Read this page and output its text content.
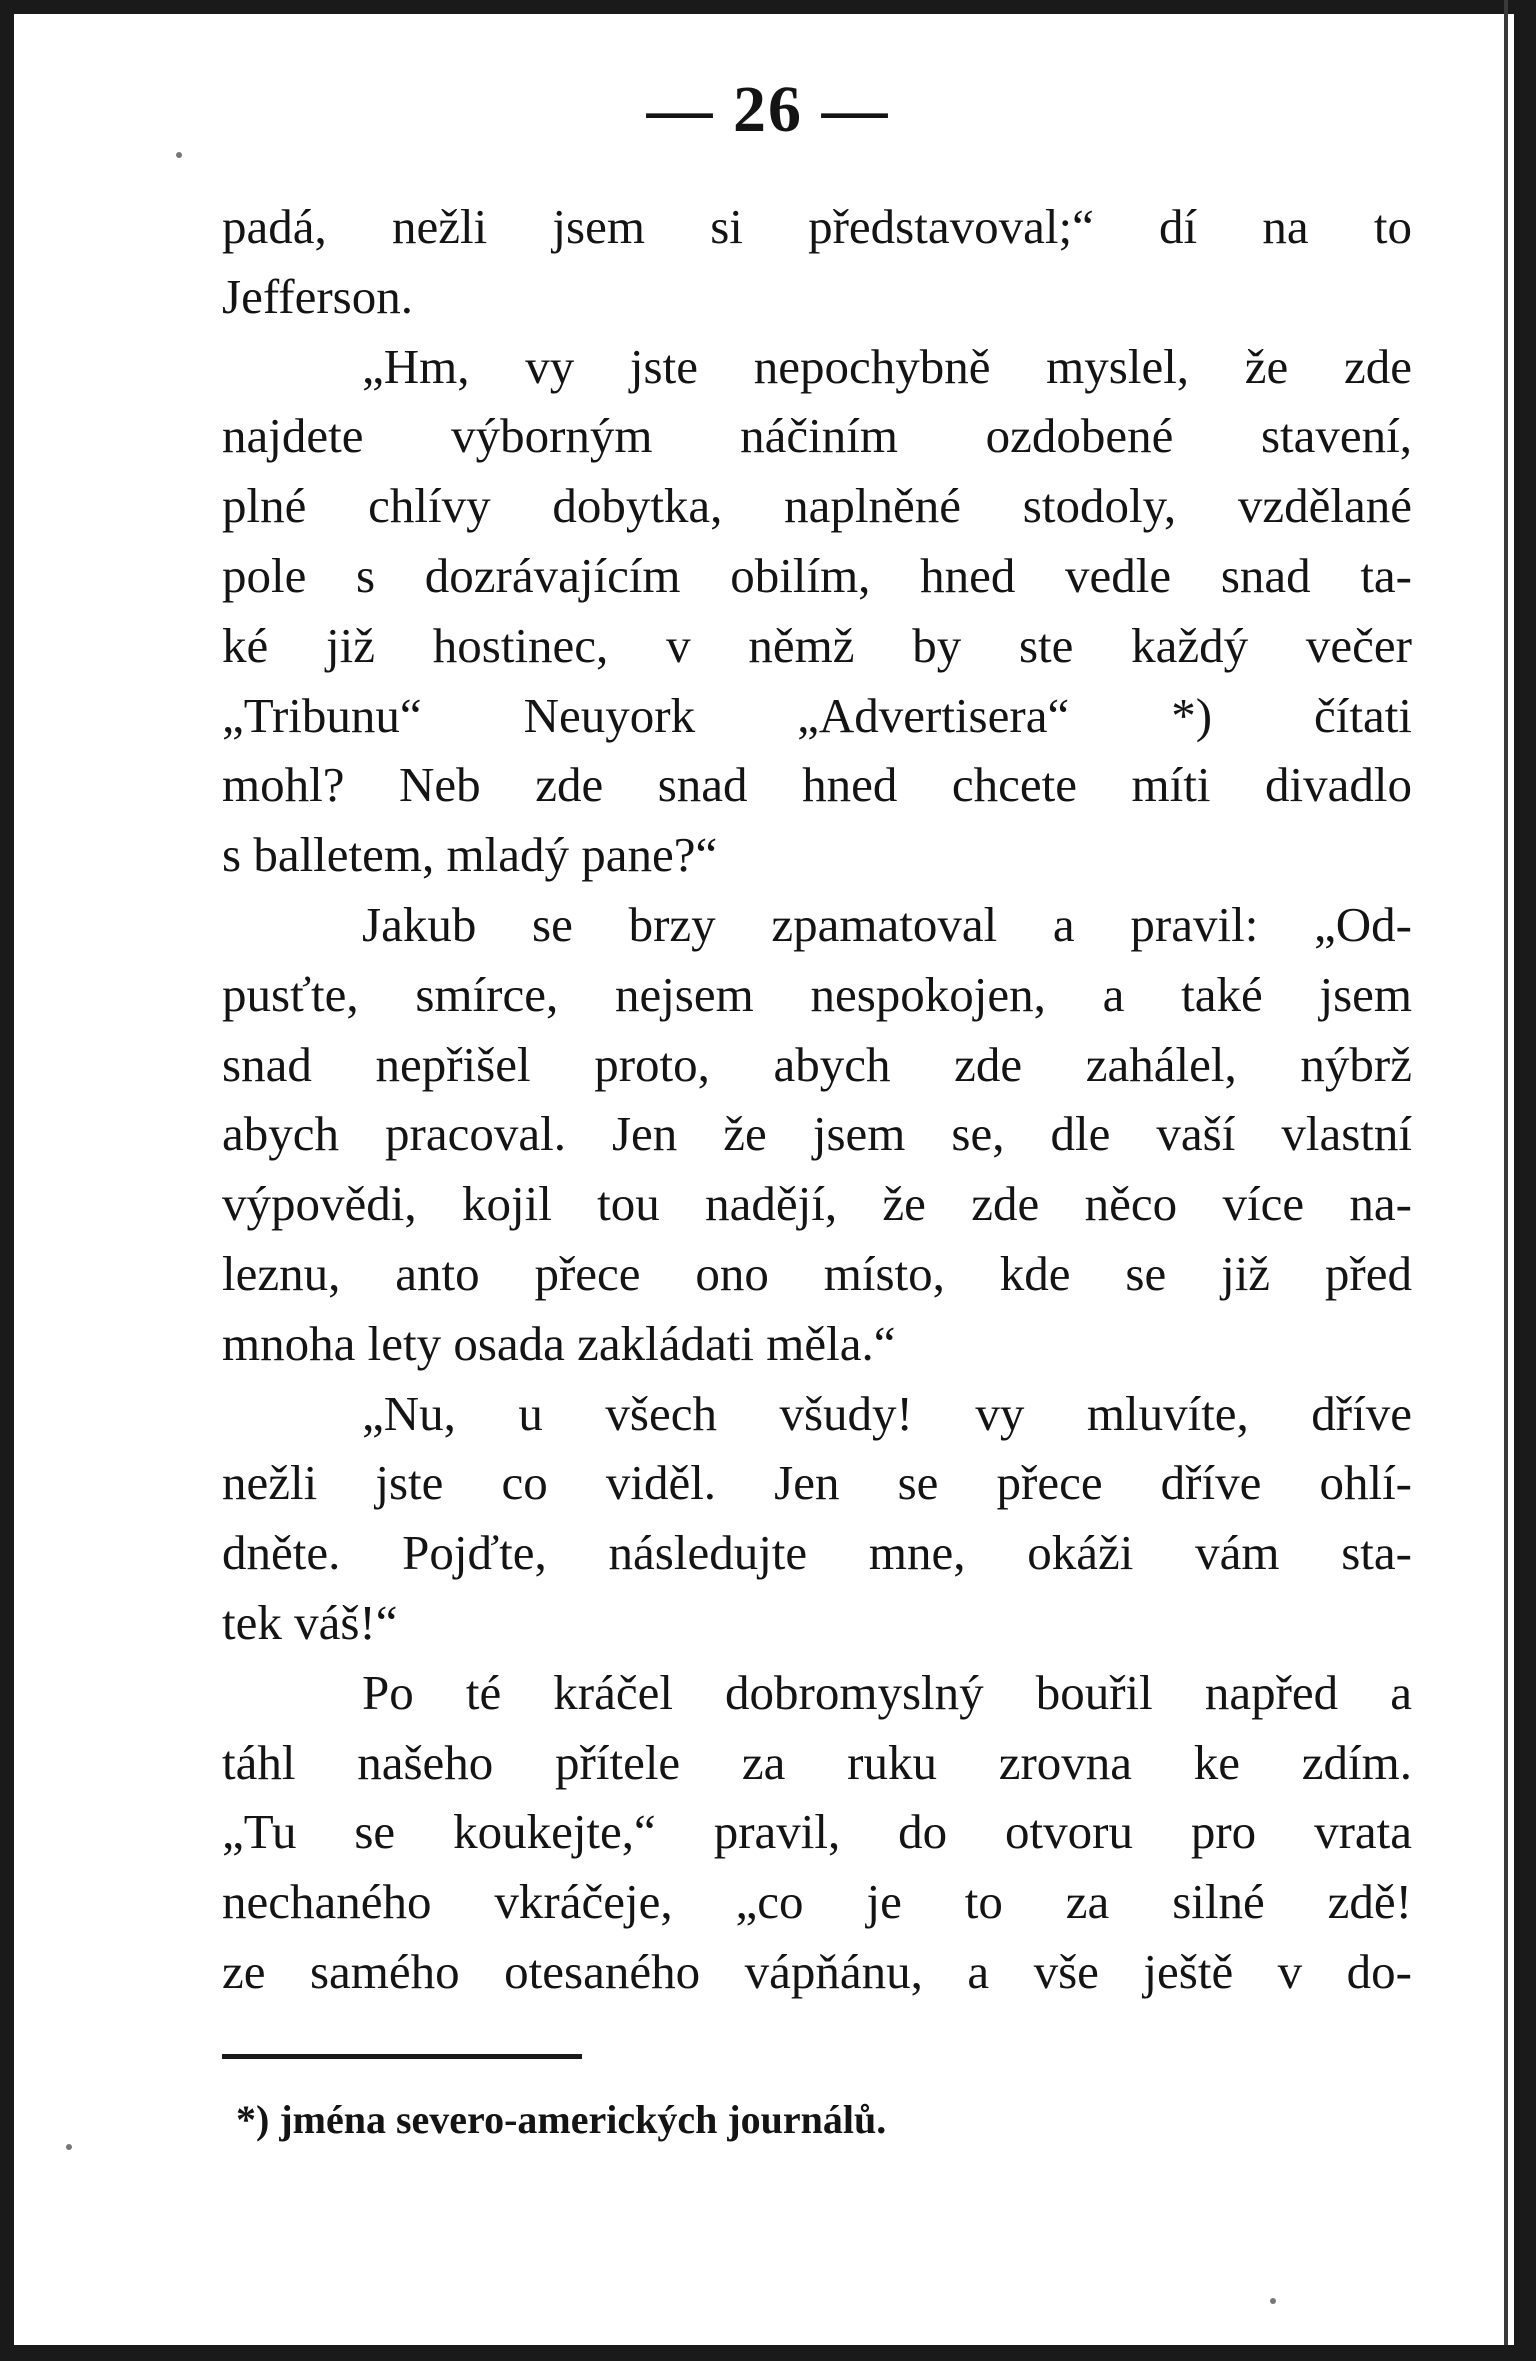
— 26 —
padá, nežli jsem si představoval;“ dí na to
Jefferson.
„Hm, vy jste nepochybně myslel, že zde
najdete výborným náčiním ozdobené stavení,
plné chlívy dobytka, naplněné stodoly, vzdělané
pole s dozrávajícím obilím, hned vedle snad ta-
ké již hostinec, v němž by ste každý večer
„Tribunu“ Neuyork „Advertisera“ *) čítati
mohl? Neb zde snad hned chcete míti divadlo
s balletem, mladý pane?“
Jakub se brzy zpamatoval a pravil: „Od-
pusťte, smírce, nejsem nespokojen, a také jsem
snad nepřišel proto, abych zde zahálel, nýbrž
abych pracoval. Jen že jsem se, dle vaší vlastní
výpovědi, kojil tou nadějí, že zde něco více na-
leznu, anto přece ono místo, kde se již před
mnoha lety osada zakládati měla.“
„Nu, u všech všudy! vy mluvíte, dříve
nežli jste co viděl. Jen se přece dříve ohlí-
dněte. Pojďte, následujte mne, okáži vám sta-
tek váš!“
Po té kráčel dobromyslný bouřil napřed a
táhl našeho přítele za ruku zrovna ke zdím.
„Tu se koukejte,“ pravil, do otvoru pro vrata
nechaného vkráčeje, „co je to za silné zdě!
ze samého otesaného vápňánu, a vše ještě v do-
*) jména severo-amerických journálů.
